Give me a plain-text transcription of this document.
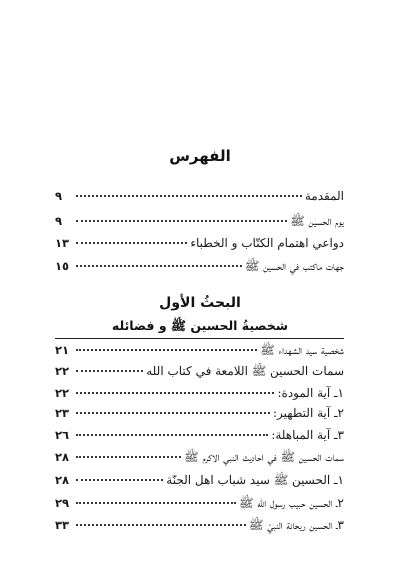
الفهرس
المقدمة
٩
يوم الحسين ﷺ
٩
دواعي اهتمام الكتّاب و الخطباء
١٣
جهات ماكتب في الحسين ﷺ
١٥
البحثُ الأول
شخصيةُ الحسين ﷺ و فضائله
شخصية سيد الشهداء ﷺ
٢١
سمات الحسين ﷺ اللامعة في كتاب الله
٢٢
١ـ آية المودة:
٢٢
٢ـ آية التطهير:
٢٣
٣ـ آية المباهلة:
٢٦
سمات الحسين ﷺ في احاديث النبي الاكرم ﷺ
٢٨
١ـ الحسين ﷺ سيد شباب اهل الجنّة
٢٨
٢ـ الحسين حبيب رسول الله ﷺ
٢٩
٣ـ الحسين ريحانة النبيّ ﷺ
٣٣
